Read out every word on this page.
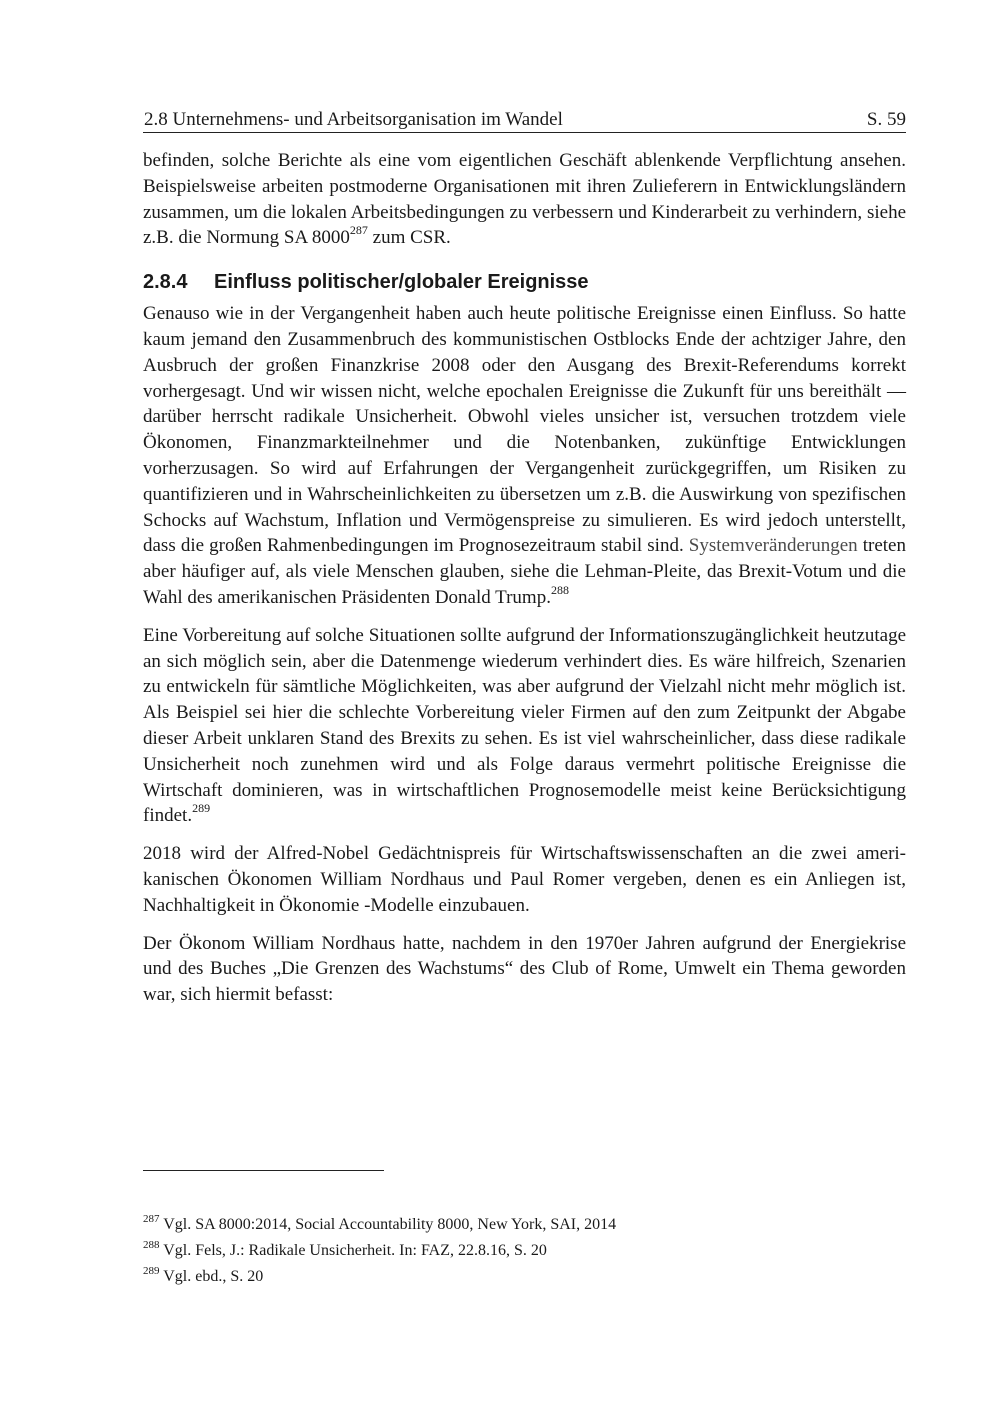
2.8 Unternehmens- und Arbeitsorganisation im Wandel	S. 59

befinden, solche Berichte als eine vom eigentlichen Geschäft ablenkende Verpflichtung ansehen. Beispielsweise arbeiten postmoderne Organisationen mit ihren Zulieferern in Entwicklungsländern zusammen, um die lokalen Arbeitsbedingungen zu verbessern und Kinderarbeit zu verhindern, siehe z.B. die Normung SA 8000$^{287}$ zum CSR.

2.8.4 Einfluss politischer/globaler Ereignisse

Genauso wie in der Vergangenheit haben auch heute politische Ereignisse einen Einfluss. So hatte kaum jemand den Zusammenbruch des kommunistischen Ostblocks Ende der achtziger Jahre, den Ausbruch der großen Finanzkrise 2008 oder den Ausgang des Brexit-Referendums korrekt vorhergesagt. Und wir wissen nicht, welche epochalen Ereignisse die Zukunft für uns bereithält — darüber herrscht radikale Unsicherheit. Obwohl vieles unsicher ist, versuchen trotzdem viele Ökonomen, Finanzmarkteilnehmer und die Notenbanken, zukünftige Entwicklungen vorherzusagen. So wird auf Erfahrungen der Vergangenheit zurückgegriffen, um Risiken zu quantifizieren und in Wahrscheinlichkeiten zu übersetzen um z.B. die Auswirkung von spezifischen Schocks auf Wachstum, Inflation und Vermögenspreise zu simulieren. Es wird jedoch unterstellt, dass die großen Rahmenbedingungen im Prognosezeitraum stabil sind. Systemveränderungen treten aber häufiger auf, als viele Menschen glauben, siehe die Lehman-Pleite, das Brexit-Votum und die Wahl des amerikanischen Präsidenten Donald Trump.$^{288}$

Eine Vorbereitung auf solche Situationen sollte aufgrund der Informationszugänglichkeit heutzutage an sich möglich sein, aber die Datenmenge wiederum verhindert dies. Es wäre hilfreich, Szenarien zu entwickeln für sämtliche Möglichkeiten, was aber aufgrund der Vielzahl nicht mehr möglich ist. Als Beispiel sei hier die schlechte Vorbereitung vieler Firmen auf den zum Zeitpunkt der Abgabe dieser Arbeit unklaren Stand des Brexits zu sehen. Es ist viel wahrscheinlicher, dass diese radikale Unsicherheit noch zunehmen wird und als Folge daraus vermehrt politische Ereignisse die Wirtschaft dominieren, was in wirtschaftlichen Prognosemodelle meist keine Berücksichtigung findet.$^{289}$

2018 wird der Alfred-Nobel Gedächtnispreis für Wirtschaftswissenschaften an die zwei amerikanischen Ökonomen William Nordhaus und Paul Romer vergeben, denen es ein Anliegen ist, Nachhaltigkeit in Ökonomie -Modelle einzubauen.

Der Ökonom William Nordhaus hatte, nachdem in den 1970er Jahren aufgrund der Energiekrise und des Buches „Die Grenzen des Wachstums“ des Club of Rome, Umwelt ein Thema geworden war, sich hiermit befasst:

$^{287}$ Vgl. SA 8000:2014, Social Accountability 8000, New York, SAI, 2014
$^{288}$ Vgl. Fels, J.: Radikale Unsicherheit. In: FAZ, 22.8.16, S. 20
$^{289}$ Vgl. ebd., S. 20
